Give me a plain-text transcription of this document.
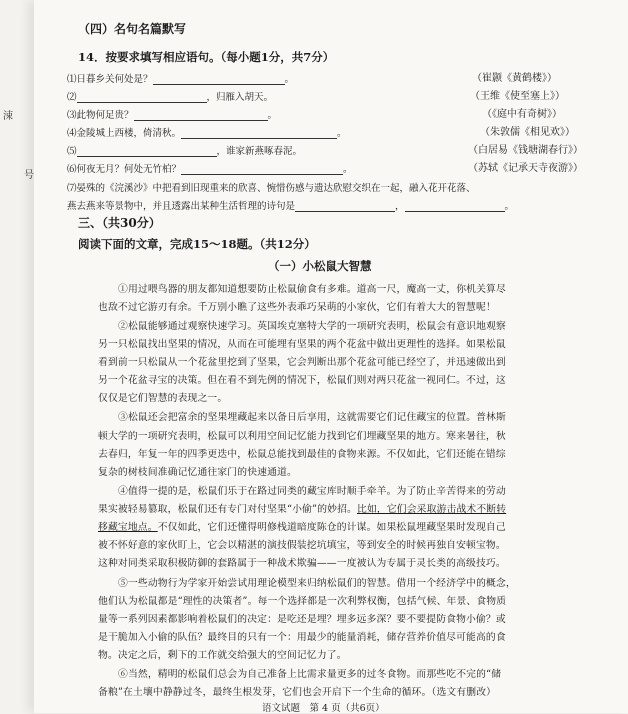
涑
号
（四）名句名篇默写
14．按要求填写相应语句。（每小题1分，共7分）
⑴日暮乡关何处是？	。	（崔颢《黄鹤楼》）
⑵	，归雁入胡天。	（王维《使至塞上》）
⑶此物何足贵？	。	（《庭中有奇树》）
⑷金陵城上西楼，倚清秋。	。	（朱敦儒《相见欢》）
⑸	，谁家新燕啄春泥。	（白居易《钱塘湖春行》）
⑹何夜无月？何处无竹柏？	。	（苏轼《记承天寺夜游》）
⑺晏殊的《浣溪沙》中把看到旧现重来的欣喜、惋惜伤感与遗达欣慰交织在一起，融入花开花落、
燕去燕来等景物中，并且透露出某种生活哲理的诗句是	，	。
三、（共30分）
阅读下面的文章，完成15～18题。（共12分）
（一）小松鼠大智慧
①用过喂鸟器的朋友都知道想要防止松鼠偷食有多难。道高一尺，魔高一丈，你机关算尽
也敌不过它游刃有余。千万别小瞧了这些外表乖巧呆萌的小家伙，它们有着大大的智慧呢！
②松鼠能够通过观察快速学习。英国埃克塞特大学的一项研究表明，松鼠会有意识地观察
另一只松鼠找出坚果的情况，从而在可能埋有坚果的两个花盆中做出更理性的选择。如果松鼠
看到前一只松鼠从一个花盆里挖到了坚果，它会判断出那个花盆可能已经空了，并迅速做出到
另一个花盆寻宝的决策。但在看不到先例的情况下，松鼠们则对两只花盆一视同仁。不过，这
仅仅是它们智慧的表现之一。
③松鼠还会把富余的坚果埋藏起来以备日后享用，这就需要它们记住藏宝的位置。普林斯
顿大学的一项研究表明，松鼠可以利用空间记忆能力找到它们埋藏坚果的地方。寒来暑往，秋
去春归，年复一年的四季更迭中，松鼠总能找到最佳的食物来源。不仅如此，它们还能在错综
复杂的树枝间准确记忆通往家门的快速通道。
④值得一提的是，松鼠们乐于在路过同类的藏宝库时顺手牵羊。为了防止辛苦得来的劳动
果实被轻易篡取，松鼠们还有专门对付坚果“小偷”的妙招。比如，它们会采取游击战术不断转
移藏宝地点。不仅如此，它们还懂得明修栈道暗度陈仓的计谋。如果松鼠埋藏坚果时发现自己
被不怀好意的家伙盯上，它会以精湛的演技假装挖坑填宝，等到安全的时候再独自安顿宝物。
这种对同类采取积极防御的套路属于一种战术欺骗——一度被认为专属于灵长类的高级技巧。
⑤一些动物行为学家开始尝试用理论模型来归纳松鼠们的智慧。借用一个经济学中的概念，
他们认为松鼠都是“理性的决策者”。每一个选择都是一次利弊权衡，包括气候、年景、食物质
量等一系列因素都影响着松鼠们的决定：是吃还是埋？埋多远多深？要不要提防食物小偷？或
是干脆加入小偷的队伍？最终目的只有一个：用最少的能量消耗，储存营养价值尽可能高的食
物。决定之后，剩下的工作就交给强大的空间记忆力了。
⑥当然，精明的松鼠们总会为自己准备上比需求量更多的过冬食物。而那些吃不完的“储
备粮”在土壤中静静过冬，最终生根发芽，它们也会开启下一个生命的循环。（选文有删改）
语文试题　第 4 页（共6页）
